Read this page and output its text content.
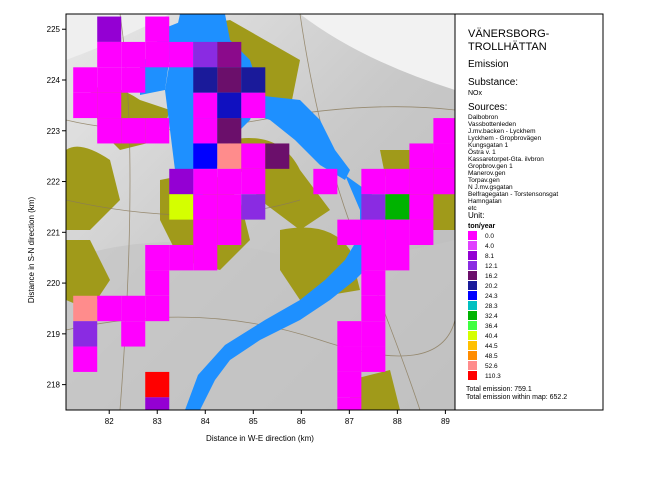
82	83	84	85	86	87	88	89
225
224
223
222
221
220
219
218
Distance in W-E direction (km)
Distance in S-N direction (km)
VÄNERSBORG-
TROLLHÄTTAN
Emission
Substance:
NOx
Sources:
Dalbobron
Vassbottenleden
J.mv.backen - Lyckhem
Lyckhem - Gropbrovägen
Kungsgatan 1
Östra v. 1
Kassaretorpet-Gta. ilvbron
Gropbrov.gen 1
Manerov.gen
Torpav.gen
N J.mv.gsgatan
Belfragegatan - Torstensonsgat
Hamngatan
etc
Unit:
ton/year
0.0
4.0
8.1
12.1
16.2
20.2
24.3
28.3
32.4
36.4
40.4
44.5
48.5
52.6
110.3
Total emission: 759.1
Total emission within map: 652.2
